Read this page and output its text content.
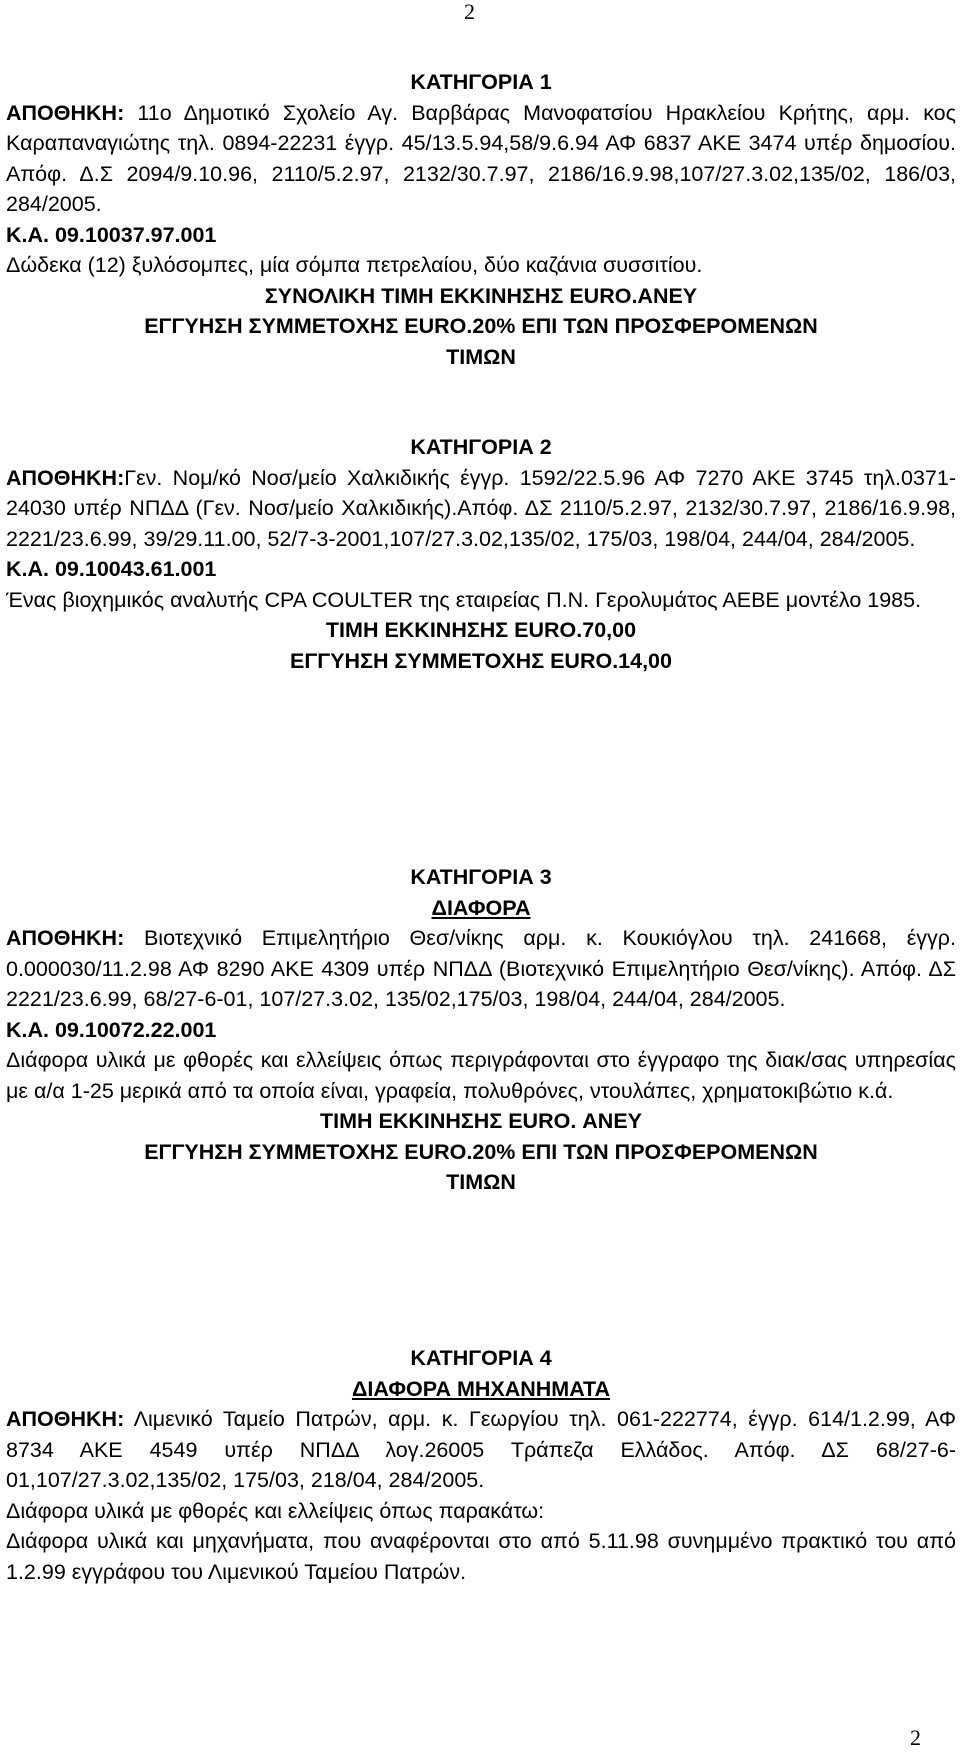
2
ΚΑΤΗΓΟΡΙΑ 1
ΑΠΟΘΗΚΗ: 11ο Δημοτικό Σχολείο Αγ. Βαρβάρας Μανοφατσίου Ηρακλείου Κρήτης, αρμ. κος Καραπαναγιώτης τηλ. 0894-22231 έγγρ. 45/13.5.94,58/9.6.94 ΑΦ 6837 ΑΚΕ 3474 υπέρ δημοσίου. Απόφ. Δ.Σ 2094/9.10.96, 2110/5.2.97, 2132/30.7.97, 2186/16.9.98,107/27.3.02,135/02, 186/03, 284/2005.
Κ.Α. 09.10037.97.001
Δώδεκα (12) ξυλόσομπες, μία σόμπα πετρελαίου, δύο καζάνια συσσιτίου.
ΣΥΝΟΛΙΚΗ ΤΙΜΗ ΕΚΚΙΝΗΣΗΣ EURO.ΑΝΕΥ
ΕΓΓΥΗΣΗ ΣΥΜΜΕΤΟΧΗΣ EURO.20% ΕΠΙ ΤΩΝ ΠΡΟΣΦΕΡΟΜΕΝΩΝ
ΤΙΜΩΝ
ΚΑΤΗΓΟΡΙΑ 2
ΑΠΟΘΗΚΗ:Γεν. Νομ/κό Νοσ/μείο Χαλκιδικής έγγρ. 1592/22.5.96 ΑΦ 7270 ΑΚΕ 3745 τηλ.0371-24030 υπέρ ΝΠΔΔ (Γεν. Νοσ/μείο Χαλκιδικής).Απόφ. ΔΣ 2110/5.2.97, 2132/30.7.97, 2186/16.9.98, 2221/23.6.99, 39/29.11.00, 52/7-3-2001,107/27.3.02,135/02, 175/03, 198/04, 244/04, 284/2005.
Κ.Α. 09.10043.61.001
Ένας βιοχημικός αναλυτής CPA COULTER της εταιρείας Π.Ν. Γερολυμάτος ΑΕΒΕ μοντέλο 1985.
ΤΙΜΗ ΕΚΚΙΝΗΣΗΣ EURO.70,00
ΕΓΓΥΗΣΗ ΣΥΜΜΕΤΟΧΗΣ EURO.14,00
ΚΑΤΗΓΟΡΙΑ 3
ΔΙΑΦΟΡΑ
ΑΠΟΘΗΚΗ: Βιοτεχνικό Επιμελητήριο Θεσ/νίκης αρμ. κ. Κουκιόγλου τηλ. 241668, έγγρ. 0.000030/11.2.98 ΑΦ 8290 ΑΚΕ 4309 υπέρ ΝΠΔΔ (Βιοτεχνικό Επιμελητήριο Θεσ/νίκης). Απόφ. ΔΣ 2221/23.6.99, 68/27-6-01, 107/27.3.02, 135/02,175/03, 198/04, 244/04, 284/2005.
Κ.Α. 09.10072.22.001
Διάφορα υλικά με φθορές και ελλείψεις όπως περιγράφονται στο έγγραφο της διακ/σας υπηρεσίας με α/α 1-25 μερικά από τα οποία είναι, γραφεία, πολυθρόνες, ντουλάπες, χρηματοκιβώτιο κ.ά.
ΤΙΜΗ ΕΚΚΙΝΗΣΗΣ EURO. ΑΝΕΥ
ΕΓΓΥΗΣΗ ΣΥΜΜΕΤΟΧΗΣ EURO.20% ΕΠΙ ΤΩΝ ΠΡΟΣΦΕΡΟΜΕΝΩΝ
ΤΙΜΩΝ
ΚΑΤΗΓΟΡΙΑ 4
ΔΙΑΦΟΡΑ ΜΗΧΑΝΗΜΑΤΑ
ΑΠΟΘΗΚΗ: Λιμενικό Ταμείο Πατρών, αρμ. κ. Γεωργίου τηλ. 061-222774, έγγρ. 614/1.2.99, ΑΦ 8734 ΑΚΕ 4549 υπέρ ΝΠΔΔ λογ.26005 Τράπεζα Ελλάδος. Απόφ. ΔΣ 68/27-6-01,107/27.3.02,135/02, 175/03, 218/04, 284/2005.
Διάφορα υλικά με φθορές και ελλείψεις όπως παρακάτω:
Διάφορα υλικά και μηχανήματα, που αναφέρονται στο από 5.11.98 συνημμένο πρακτικό του από 1.2.99 εγγράφου του Λιμενικού Ταμείου Πατρών.
2
